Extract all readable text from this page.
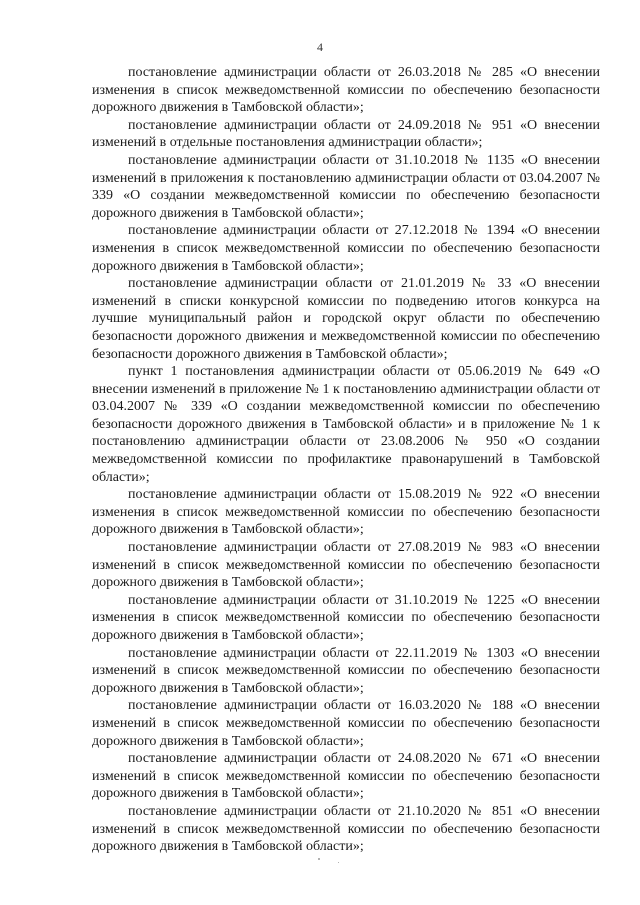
4

постановление администрации области от 26.03.2018 № 285 «О внесении изменения в список межведомственной комиссии по обеспечению безопасности дорожного движения в Тамбовской области»;

постановление администрации области от 24.09.2018 № 951 «О внесении изменений в отдельные постановления администрации области»;

постановление администрации области от 31.10.2018 № 1135 «О внесении изменений в приложения к постановлению администрации области от 03.04.2007 № 339 «О создании межведомственной комиссии по обеспечению безопасности дорожного движения в Тамбовской области»;

постановление администрации области от 27.12.2018 № 1394 «О внесении изменения в список межведомственной комиссии по обеспечению безопасности дорожного движения в Тамбовской области»;

постановление администрации области от 21.01.2019 № 33 «О внесении изменений в списки конкурсной комиссии по подведению итогов конкурса на лучшие муниципальный район и городской округ области по обеспечению безопасности дорожного движения и межведомственной комиссии по обеспечению безопасности дорожного движения в Тамбовской области»;

пункт 1 постановления администрации области от 05.06.2019 № 649 «О внесении изменений в приложение № 1 к постановлению администрации области от 03.04.2007 № 339 «О создании межведомственной комиссии по обеспечению безопасности дорожного движения в Тамбовской области» и в приложение № 1 к постановлению администрации области от 23.08.2006 № 950 «О создании межведомственной комиссии по профилактике правонарушений в Тамбовской области»;

постановление администрации области от 15.08.2019 № 922 «О внесении изменения в список межведомственной комиссии по обеспечению безопасности дорожного движения в Тамбовской области»;

постановление администрации области от 27.08.2019 № 983 «О внесении изменений в список межведомственной комиссии по обеспечению безопасности дорожного движения в Тамбовской области»;

постановление администрации области от 31.10.2019 № 1225 «О внесении изменения в список межведомственной комиссии по обеспечению безопасности дорожного движения в Тамбовской области»;

постановление администрации области от 22.11.2019 № 1303 «О внесении изменений в список межведомственной комиссии по обеспечению безопасности дорожного движения в Тамбовской области»;

постановление администрации области от 16.03.2020 № 188 «О внесении изменений в список межведомственной комиссии по обеспечению безопасности дорожного движения в Тамбовской области»;

постановление администрации области от 24.08.2020 № 671 «О внесении изменений в список межведомственной комиссии по обеспечению безопасности дорожного движения в Тамбовской области»;

постановление администрации области от 21.10.2020 № 851 «О внесении изменений в список межведомственной комиссии по обеспечению безопасности дорожного движения в Тамбовской области»;
